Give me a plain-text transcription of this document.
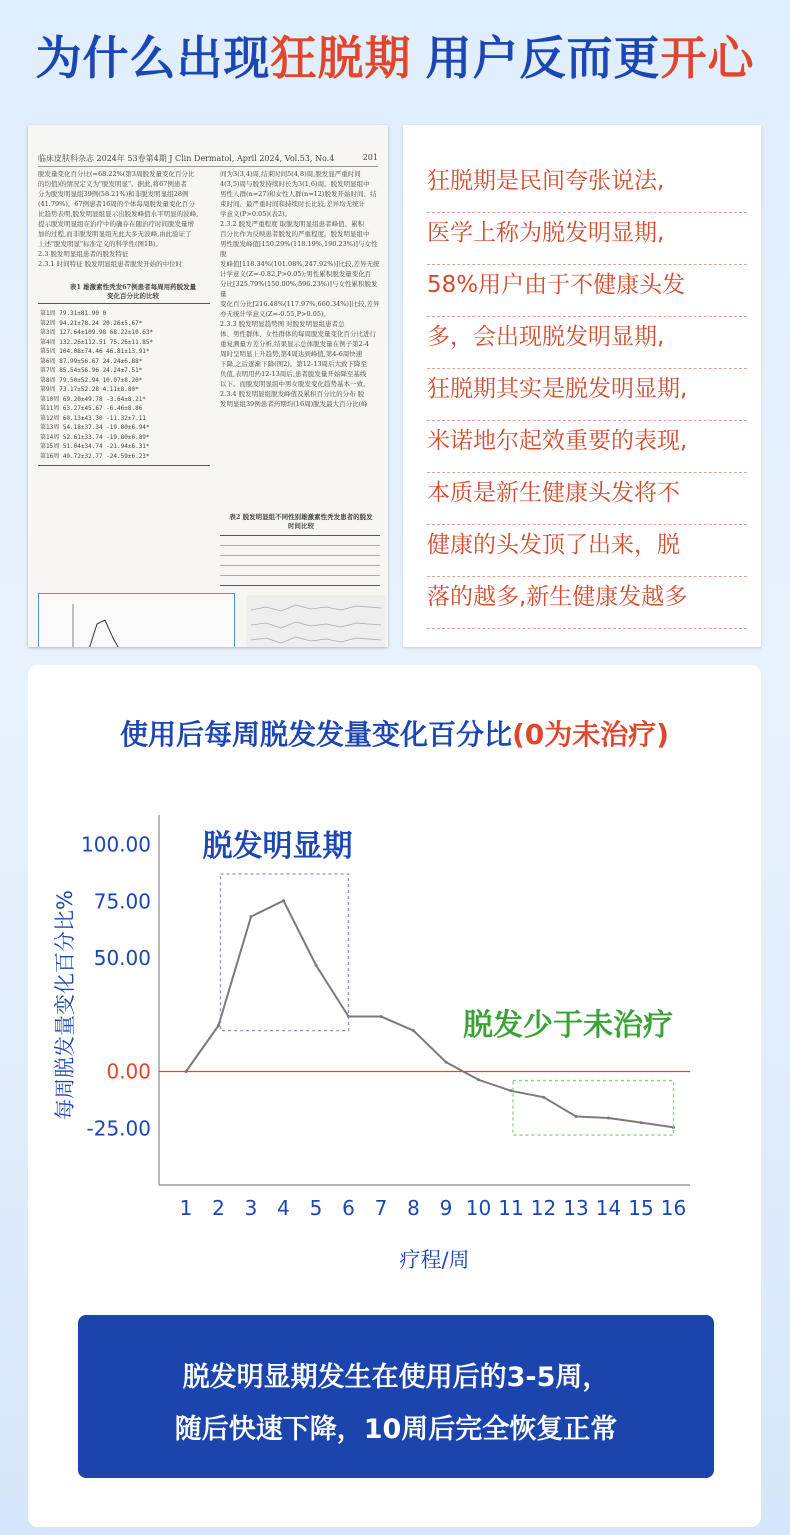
为什么出现狂脱期 用户反而更开心
临床皮肤科杂志 2024年 53卷第4期 J Clin Dermatol, April 2024, Vol.53, No.4	201
脱发量变化百分比(=68.22%(第3周脱发量变化百分比
的均值)的情况定义为"脱发明显"。据此,将67例患者
分为脱发明显组39例(58.21%)和非脱发明显组28例
(41.79%)。67例患者16周的个体每周脱发量变化百分
比趋势表明,脱发明显组显示出脱发峰值水平明显的波峰,
提示脱发明显组在治疗中的确存在随治疗时间脱发量增
加的过程,而非脱发明显组无此大多无波峰,由此验证了
上述"脱发明显"标准定义的科学性(图1B)。
2.3 脱发明显组患者的脱发特征
2.3.1 时间特征 脱发明显组患者脱发开始的中位时
间为3(3,4)周,结束时间5(4,8)周,脱发显严重时间
4(3,5)周与脱发持续时长为3(1,6)周。脱发明显组中
男性人群(n=27)和女性人群(n=12)脱发开始时间、结
束时间、最严重时间和持续时长比较,差异均无统计
学意义(P>0.05)(表2)。
2.3.2 脱发严重程度 取脱发明显组患者峰值、累积
百分比作为反映患者脱发的严重程度。脱发明显组中
男性脱发峰值[150.29%(118.19%,190.23%)]与女性脱
发峰值[118.34%(101.08%,247.92%)]比较,差异无统
计学意义(Z=-0.82,P>0.05);男性累积脱发量变化百
分比[325.79%(150.00%,596.23%)]与女性累积脱发量
变化百分比[216.48%(117.97%,660.34%)]比较,差异
亦无统计学意义(Z=-0.55,P>0.05)。
2.3.3 脱发明显趋势图 对脱发明显组患者总
体、男性群体、女性群体的每周脱发量变化百分比进行
重复测量方差分析,结果显示总体脱发量在例子第2-4
周时呈明显上升趋势,第4周达到峰值,第4-6周快速
下降,之后逐渐下降(图2)。第12-13周后大致下降至
负值,表明用药12-13周后,患者脱发量开始降至基线
以下。而脱发明显组中男女脱发变化趋势基本一致。
2.3.4 脱发明显组脱发峰值及累积百分比的分布 脱
发明显组39例患者药期均(16周)脱发最大百分比(峰
表1 雄激素性秃发67例患者每周用药脱发量
变化百分比的比较
第1周 79.31±81.90 0
第2周 94.21±78.24 20.26±5.67*
第3周 127.64±109.98 68.22±10.63*
第4周 132.26±112.51 75.26±11.85*
第5周 104.08±74.46 46.81±13.91*
第6周 87.99±56.67 24.24±6.88*
第7周 85.54±56.96 24.24±7.51*
第8周 79.50±52.94 10.07±8.20*
第9周 73.17±52.28 4.11±8.80*
第10周 69.20±49.78 -3.64±8.21*
第11周 63.27±45.67 -6.46±8.86
第12周 60.13±43.30 -11.32±7.11
第13周 54.18±37.34 -19.80±6.94*
第14周 52.61±33.74 -19.80±6.89*
第15周 51.04±34.74 -21.94±6.31*
第16周 49.72±32.77 -24.59±6.23*
表2 脱发明显组不同性别雄激素性秃发患者的脱发
时间比较
狂脱期是民间夸张说法,
医学上称为脱发明显期,
58%用户由于不健康头发
多，会出现脱发明显期,
狂脱期其实是脱发明显期,
米诺地尔起效重要的表现,
本质是新生健康头发将不
健康的头发顶了出来，脱
落的越多,新生健康发越多
使用后每周脱发发量变化百分比(0为未治疗)
100.00
75.00
50.00
0.00
-25.00
1 2 3 4 5 6 7 8 9 10 11 12 13 14 15 16
每周脱发量变化百分比%
疗程/周
脱发明显期
脱发少于未治疗
脱发明显期发生在使用后的3-5周，
随后快速下降，10周后完全恢复正常
